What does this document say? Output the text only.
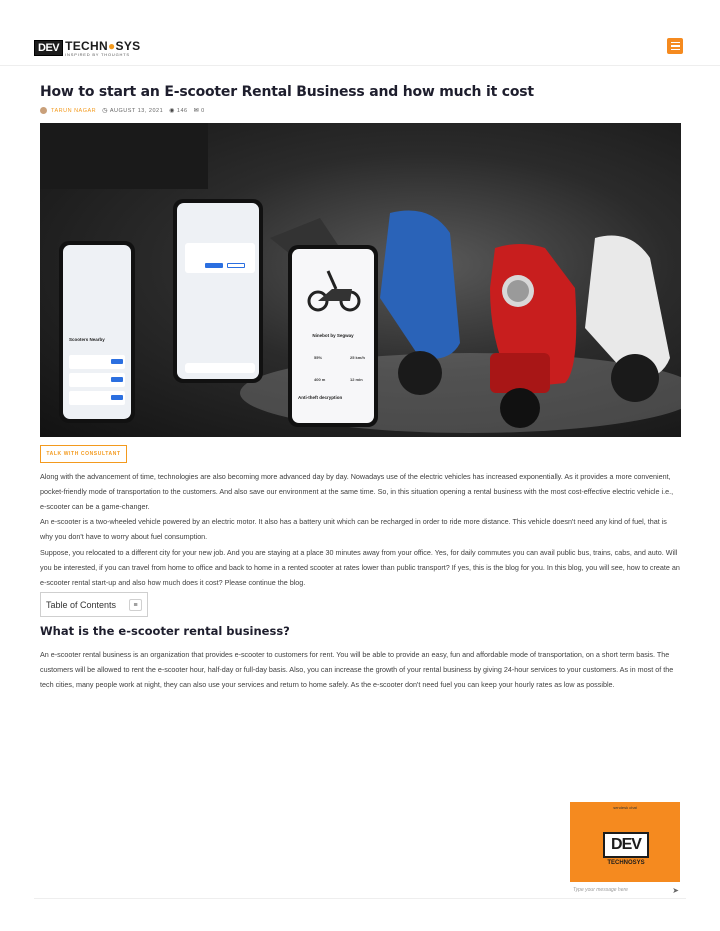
DEV TECHN●SYS
INSPIRED BY THOUGHTS
How to start an E-scooter Rental Business and how much it cost
TARUN NAGAR ◷ AUGUST 13, 2021 ◉ 146 ✉ 0
Scooters Nearby
Ninebot by Segway
55%	25 km/h
400 m	12 min
Anti-theft decryption
TALK WITH CONSULTANT

Along with the advancement of time, technologies are also becoming more advanced day by day. Nowadays use of the electric vehicles has increased exponentially. As it provides a more convenient, pocket-friendly mode of transportation to the customers. And also save our environment at the same time. So, in this situation opening a rental business with the most cost-effective electric vehicle i.e., e-scooter can be a game-changer.

An e-scooter is a two-wheeled vehicle powered by an electric motor. It also has a battery unit which can be recharged in order to ride more distance. This vehicle doesn't need any kind of fuel, that is why you don't have to worry about fuel consumption.

Suppose, you relocated to a different city for your new job. And you are staying at a place 30 minutes away from your office. Yes, for daily commutes you can avail public bus, trains, cabs, and auto. Will you be interested, if you can travel from home to office and back to home in a rented scooter at rates lower than public transport? If yes, this is the blog for you. In this blog, you will see, how to create an e-scooter rental start-up and also how much does it cost? Please continue the blog.

Table of Contents	≡
What is the e-scooter rental business?

An e-scooter rental business is an organization that provides e-scooter to customers for rent. You will be able to provide an easy, fun and affordable mode of transportation, on a short term basis. The customers will be allowed to rent the e-scooter hour, half-day or full-day basis. Also, you can increase the growth of your rental business by giving 24-hour services to your customers. As in most of the tech cities, many people work at night, they can also use your services and return to home safely. As the e-scooter don't need fuel you can keep your hourly rates as low as possible.

sendesk chat
DEV
TECHNOSYS
Type your message here	➤
